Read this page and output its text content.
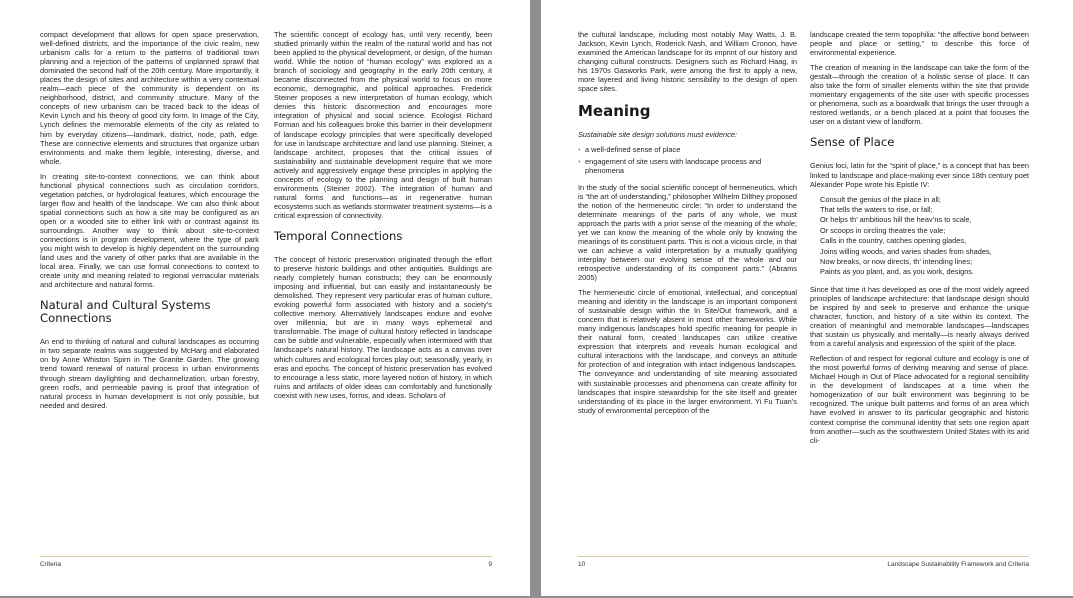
compact development that allows for open space preservation, well-defined districts, and the importance of the civic realm, new urbanism calls for a return to the patterns of traditional town planning and a rejection of the patterns of unplanned sprawl that dominated the second half of the 20th century. More importantly, it places the design of sites and architecture within a very contextual realm—each piece of the community is dependent on its neighborhood, district, and community structure. Many of the concepts of new urbanism can be traced back to the ideas of Kevin Lynch and his theory of good city form. In Image of the City, Lynch defines the memorable elements of the city as related to him by everyday citizens—landmark, district, node, path, edge. These are connective elements and structures that organize urban environments and make them legible, interesting, diverse, and whole.

In creating site-to-context connections, we can think about functional physical connections such as circulation corridors, vegetation patches, or hydrological features, which encourage the larger flow and health of the landscape. We can also think about spatial connections such as how a site may be configured as an open or a wooded site to either link with or contrast against its surroundings. Another way to think about site-to-context connections is in program development, where the type of park you might wish to develop is highly dependent on the surrounding land uses and the variety of other parks that are available in the local area. Finally, we can use formal connections to context to create unity and meaning related to regional vernacular materials and architecture and natural forms.

Natural and Cultural Systems Connections

An end to thinking of natural and cultural landscapes as occurring in two separate realms was suggested by McHarg and elaborated on by Anne Whiston Spirn in The Granite Garden. The growing trend toward renewal of natural process in urban environments through stream daylighting and dechannelization, urban forestry, green roofs, and permeable paving is proof that integration of natural process in human development is not only possible, but needed and desired.

The scientific concept of ecology has, until very recently, been studied primarily within the realm of the natural world and has not been applied to the physical development, or design, of the human world. While the notion of “human ecology” was explored as a branch of sociology and geography in the early 20th century, it became disconnected from the physical world to focus on more economic, demographic, and political approaches. Frederick Steiner proposes a new interpretation of human ecology, which denies this historic disconnection and encourages more integration of physical and social science. Ecologist Richard Forman and his colleagues broke this barrier in their development of landscape ecology principles that were specifically developed for use in landscape architecture and land use planning. Steiner, a landscape architect, proposes that the critical issues of sustainability and sustainable development require that we more actively and aggressively engage these principles in applying the concepts of ecology to the planning and design of built human environments (Steiner 2002). The integration of human and natural forms and functions—as in regenerative human ecosystems such as wetlands stormwater treatment systems—is a critical expression of connectivity.

Temporal Connections

The concept of historic preservation originated through the effort to preserve historic buildings and other antiquities. Buildings are nearly completely human constructs; they can be enormously imposing and influential, but can easily and instantaneously be demolished. They represent very particular eras of human culture, evoking powerful form associated with history and a society’s collective memory. Alternatively landscapes endure and evolve over millennia, but are in many ways ephemeral and transformable. The image of cultural history reflected in landscape can be subtle and vulnerable, especially when intermixed with that landscape’s natural history. The landscape acts as a canvas over which cultures and ecological forces play out; seasonally, yearly, in eras and epochs. The concept of historic preservation has evolved to encourage a less static, more layered notion of history, in which ruins and artifacts of older ideas can comfortably and functionally coexist with new uses, forms, and ideas. Scholars of

Criteria	9

the cultural landscape, including most notably May Watts, J. B. Jackson, Kevin Lynch, Roderick Nash, and William Cronon, have examined the American landscape for its imprint of our history and changing cultural constructs. Designers such as Richard Haag, in his 1970s Gasworks Park, were among the first to apply a new, more layered and living historic sensibility to the design of open space sites.

Meaning

Sustainable site design solutions must evidence:

• a well-defined sense of place
• engagement of site users with landscape process and phenomena

In the study of the social scientific concept of hermeneutics, which is “the art of understanding,” philosopher Wilhelm Dilthey proposed the notion of the hermeneutic circle: “In order to understand the determinate meanings of the parts of any whole, we must approach the parts with a prior sense of the meaning of the whole; yet we can know the meaning of the whole only by knowing the meanings of its constituent parts. This is not a vicious circle, in that we can achieve a valid interpretation by a mutually qualifying interplay between our evolving sense of the whole and our retrospective understanding of its component parts.” (Abrams 2005)

The hermeneutic circle of emotional, intellectual, and conceptual meaning and identity in the landscape is an important component of sustainable design within the In Site/Out framework, and a concern that is relatively absent in most other frameworks. While many indigenous landscapes hold specific meaning for people in their natural form, created landscapes can utilize creative expression that interprets and reveals human ecological and cultural interactions with the landscape, and conveys an attitude for protection of and integration with intact indigenous landscapes. The conveyance and understanding of site meaning associated with sustainable processes and phenomena can create affinity for landscapes that inspire stewardship for the site itself and greater understanding of its place in the larger environment. Yi Fu Tuan’s study of environmental perception of the

landscape created the term topophilia: “the affective bond between people and place or setting,” to describe this force of environmental experience.

The creation of meaning in the landscape can take the form of the gestalt—through the creation of a holistic sense of place. It can also take the form of smaller elements within the site that provide momentary engagements of the site user with specific processes or phenomena, such as a boardwalk that brings the user through a restored wetlands, or a bench placed at a point that focuses the user on a distant view of landform.

Sense of Place

Genius loci, latin for the “spirit of place,” is a concept that has been linked to landscape and place-making ever since 18th century poet Alexander Pope wrote his Epistle IV:

Consult the genius of the place in all;
That tells the waters to rise, or fall;
Or helps th’ ambitious hill the heav’ns to scale,
Or scoops in circling theatres the vale;
Calls in the country, catches opening glades,
Joins willing woods, and varies shades from shades,
Now breaks, or now directs, th’ intending lines;
Paints as you plant, and, as you work, designs.

Since that time it has developed as one of the most widely agreed principles of landscape architecture: that landscape design should be inspired by and seek to preserve and enhance the unique character, function, and history of a site within its context. The creation of meaningful and memorable landscapes—landscapes that sustain us physically and mentally—is nearly always derived from a careful analysis and expression of the spirit of the place.

Reflection of and respect for regional culture and ecology is one of the most powerful forms of deriving meaning and sense of place. Michael Hough in Out of Place advocated for a regional sensibility in the development of landscapes at a time when the homogenization of our built environment was beginning to be recognized. The unique built patterns and forms of an area which have evolved in answer to its particular geographic and historic context comprise the communal identity that sets one region apart from another—such as the southwestern United States with its arid cli-

10	Landscape Sustainability Framework and Criteria
